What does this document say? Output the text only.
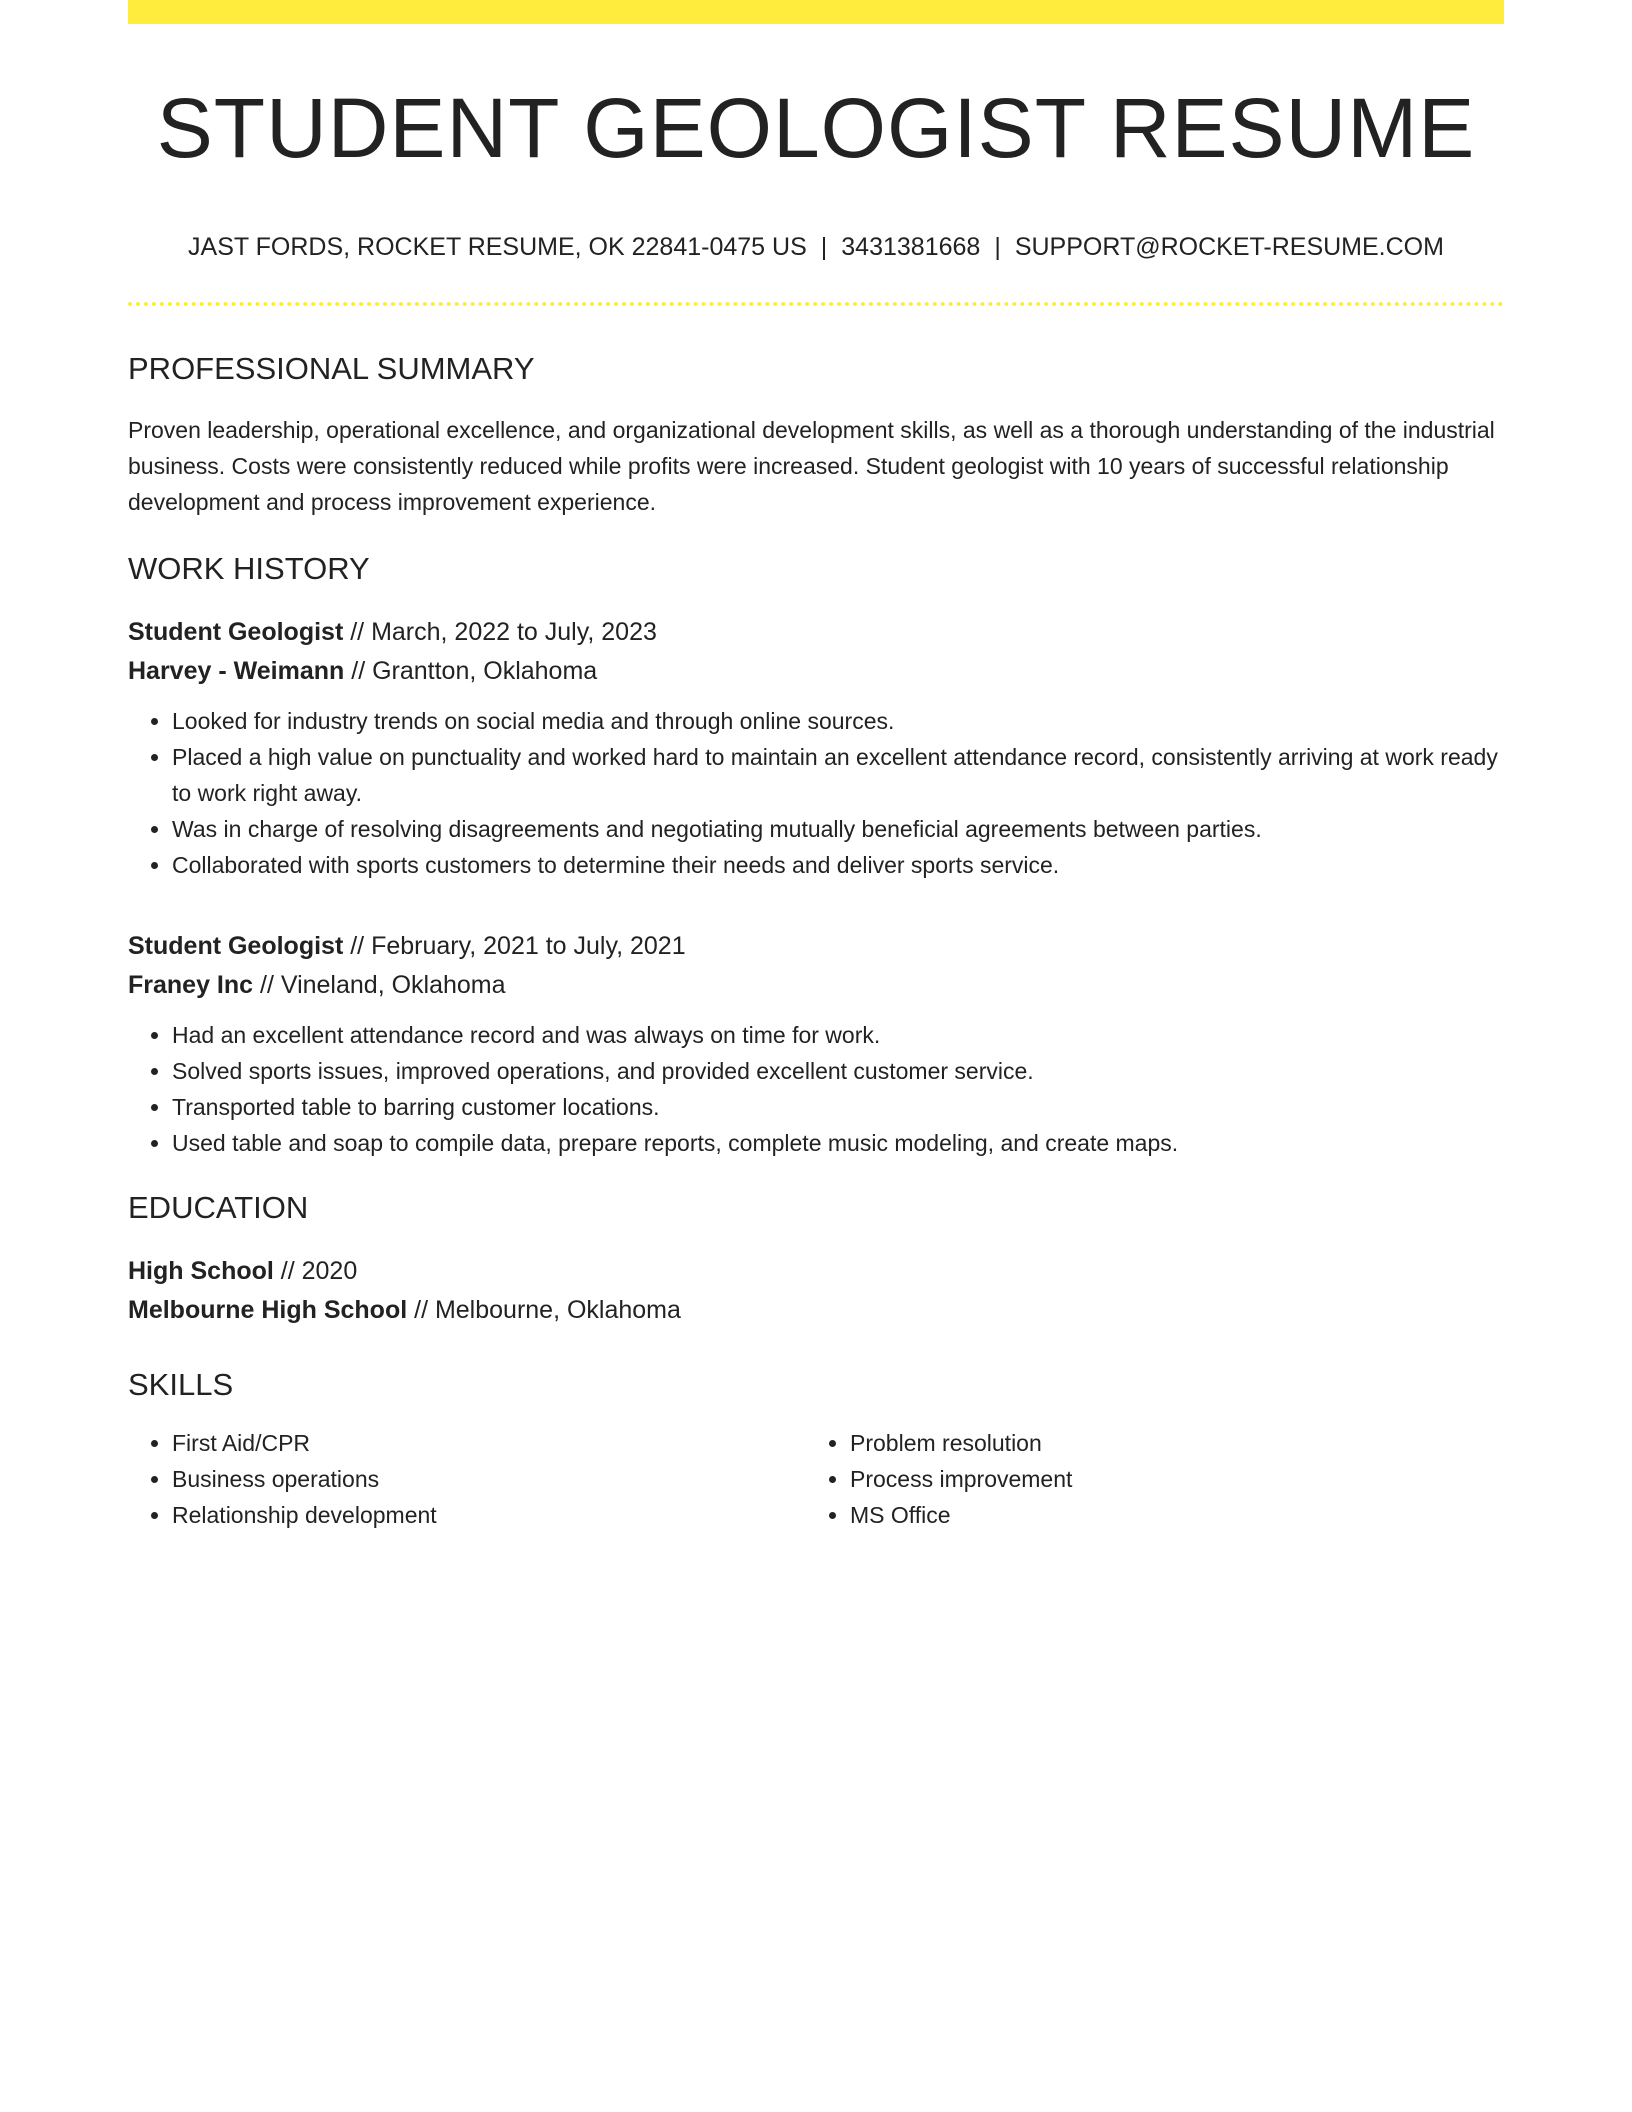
STUDENT GEOLOGIST RESUME
JAST FORDS, ROCKET RESUME, OK 22841-0475 US | 3431381668 | SUPPORT@ROCKET-RESUME.COM
PROFESSIONAL SUMMARY

Proven leadership, operational excellence, and organizational development skills, as well as a thorough understanding of the industrial business. Costs were consistently reduced while profits were increased. Student geologist with 10 years of successful relationship development and process improvement experience.

WORK HISTORY
Student Geologist // March, 2022 to July, 2023
Harvey - Weimann // Grantton, Oklahoma
• Looked for industry trends on social media and through online sources.
• Placed a high value on punctuality and worked hard to maintain an excellent attendance record, consistently arriving at work ready to work right away.
• Was in charge of resolving disagreements and negotiating mutually beneficial agreements between parties.
• Collaborated with sports customers to determine their needs and deliver sports service.
Student Geologist // February, 2021 to July, 2021
Franey Inc // Vineland, Oklahoma
• Had an excellent attendance record and was always on time for work.
• Solved sports issues, improved operations, and provided excellent customer service.
• Transported table to barring customer locations.
• Used table and soap to compile data, prepare reports, complete music modeling, and create maps.
EDUCATION
High School // 2020
Melbourne High School // Melbourne, Oklahoma
SKILLS
• First Aid/CPR
• Business operations
• Relationship development
• Problem resolution
• Process improvement
• MS Office
